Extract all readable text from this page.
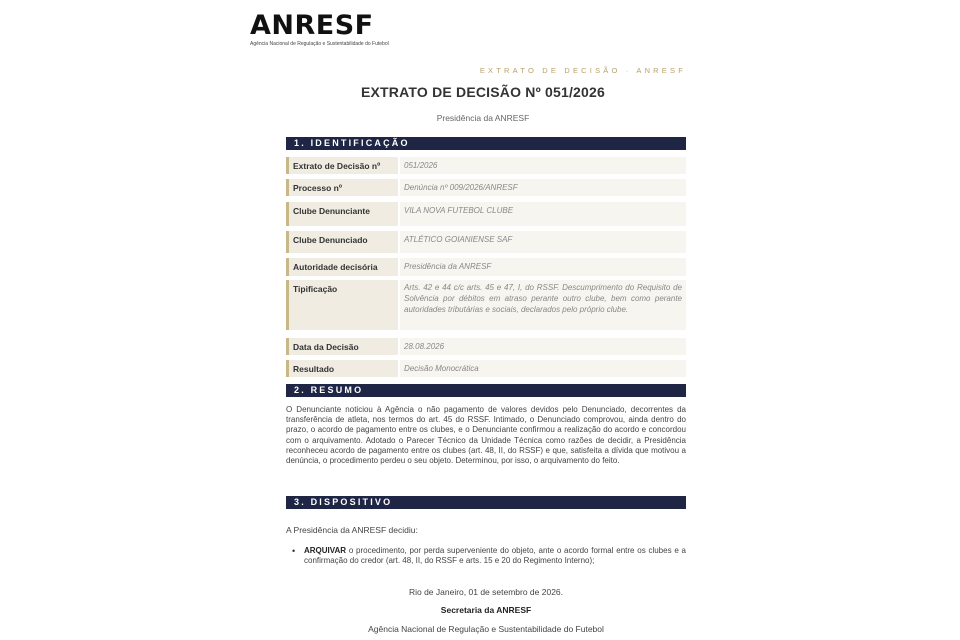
ANRESF
Agência Nacional de Regulação e Sustentabilidade do Futebol
EXTRATO DE DECISÃO · ANRESF
EXTRATO DE DECISÃO Nº 051/2026
Presidência da ANRESF
1. IDENTIFICAÇÃO
Extrato de Decisão nº	051/2026
Processo nº	Denúncia nº 009/2026/ANRESF
Clube Denunciante	VILA NOVA FUTEBOL CLUBE
Clube Denunciado	ATLÉTICO GOIANIENSE SAF
Autoridade decisória	Presidência da ANRESF
Tipificação	Arts. 42 e 44 c/c arts. 45 e 47, I, do RSSF. Descumprimento do Requisito de Solvência por débitos em atraso perante outro clube, bem como perante autoridades tributárias e sociais, declarados pelo próprio clube.
Data da Decisão	28.08.2026
Resultado	Decisão Monocrática
2. RESUMO
O Denunciante noticiou à Agência o não pagamento de valores devidos pelo Denunciado, decorrentes da transferência de atleta, nos termos do art. 45 do RSSF. Intimado, o Denunciado comprovou, ainda dentro do prazo, o acordo de pagamento entre os clubes, e o Denunciante confirmou a realização do acordo e concordou com o arquivamento. Adotado o Parecer Técnico da Unidade Técnica como razões de decidir, a Presidência reconheceu acordo de pagamento entre os clubes (art. 48, II, do RSSF) e que, satisfeita a dívida que motivou a denúncia, o procedimento perdeu o seu objeto. Determinou, por isso, o arquivamento do feito.
3. DISPOSITIVO
A Presidência da ANRESF decidiu:
• ARQUIVAR o procedimento, por perda superveniente do objeto, ante o acordo formal entre os clubes e a confirmação do credor (art. 48, II, do RSSF e arts. 15 e 20 do Regimento Interno);
Rio de Janeiro, 01 de setembro de 2026.
Secretaria da ANRESF
Agência Nacional de Regulação e Sustentabilidade do Futebol
